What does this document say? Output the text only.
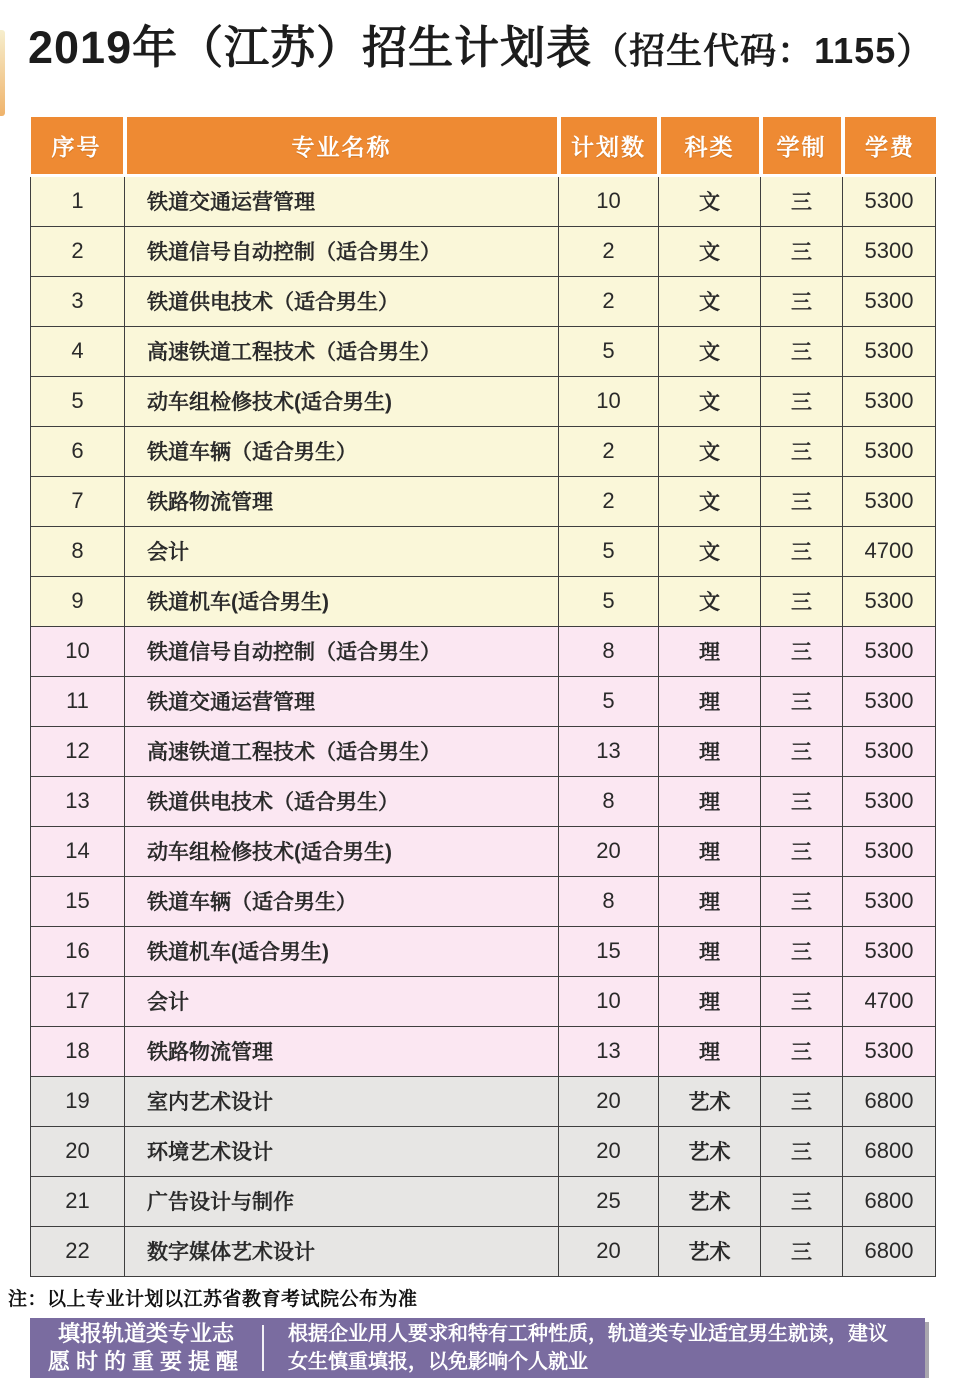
2019年（江苏）招生计划表（招生代码：1155）
序号	专业名称	计划数	科类	学制	学费
1	铁道交通运营管理	10	文	三	5300
2	铁道信号自动控制（适合男生）	2	文	三	5300
3	铁道供电技术（适合男生）	2	文	三	5300
4	高速铁道工程技术（适合男生）	5	文	三	5300
5	动车组检修技术(适合男生)	10	文	三	5300
6	铁道车辆（适合男生）	2	文	三	5300
7	铁路物流管理	2	文	三	5300
8	会计	5	文	三	4700
9	铁道机车(适合男生)	5	文	三	5300
10	铁道信号自动控制（适合男生）	8	理	三	5300
11	铁道交通运营管理	5	理	三	5300
12	高速铁道工程技术（适合男生）	13	理	三	5300
13	铁道供电技术（适合男生）	8	理	三	5300
14	动车组检修技术(适合男生)	20	理	三	5300
15	铁道车辆（适合男生）	8	理	三	5300
16	铁道机车(适合男生)	15	理	三	5300
17	会计	10	理	三	4700
18	铁路物流管理	13	理	三	5300
19	室内艺术设计	20	艺术	三	6800
20	环境艺术设计	20	艺术	三	6800
21	广告设计与制作	25	艺术	三	6800
22	数字媒体艺术设计	20	艺术	三	6800
注：以上专业计划以江苏省教育考试院公布为准
填报轨道类专业志
愿时的重要提醒
根据企业用人要求和特有工种性质，轨道类专业适宜男生就读，建议
女生慎重填报，以免影响个人就业
